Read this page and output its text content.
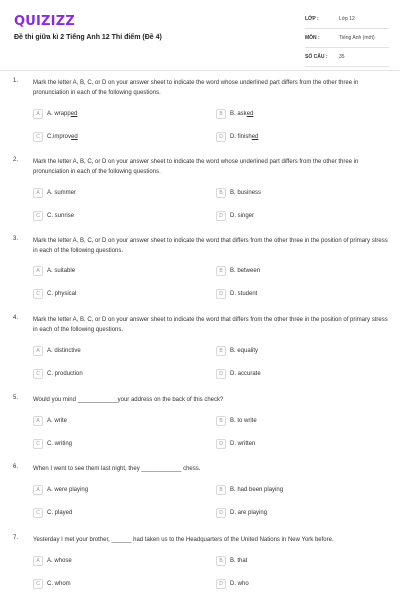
QUIZIZZ
Đề thi giữa kì 2 Tiếng Anh 12 Thí điểm (Đề 4)
LỚP :	Lớp 12
MÔN :	Tiếng Anh (mới)
SỐ CÂU :	35
1. Mark the letter A, B, C, or D on your answer sheet to indicate the word whose underlined part differs from the other three in pronunciation in each of the following questions.
A	A. wrapped	B	B. asked
C	C.improved	D	D. finished
2. Mark the letter A, B, C, or D on your answer sheet to indicate the word whose underlined part differs from the other three in pronunciation in each of the following questions.
A	A. summer	B	B. business
C	C. sunrise	D	D. singer
3. Mark the letter A, B, C, or D on your answer sheet to indicate the word that differs from the other three in the position of primary stress in each of the following questions.
A	A. suitable	B	B. between
C	C. physical	D	D. student
4. Mark the letter A, B, C, or D on your answer sheet to indicate the word that differs from the other three in the position of primary stress in each of the following questions.
A	A. distinctive	B	B. equality
C	C. production	D	D. accurate
5. Would you mind ____________your address on the back of this check?
A	A. write	B	B. to write
C	C. writing	D	D. written
6. When I went to see them last night, they ____________ chess.
A	A. were playing	B	B. had been playing
C	C. played	D	D. are playing
7. Yesterday I met your brother, ______ had taken us to the Headquarters of the United Nations in New York before.
A	A. whose	B	B. that
C	C. whom	D	D. who
